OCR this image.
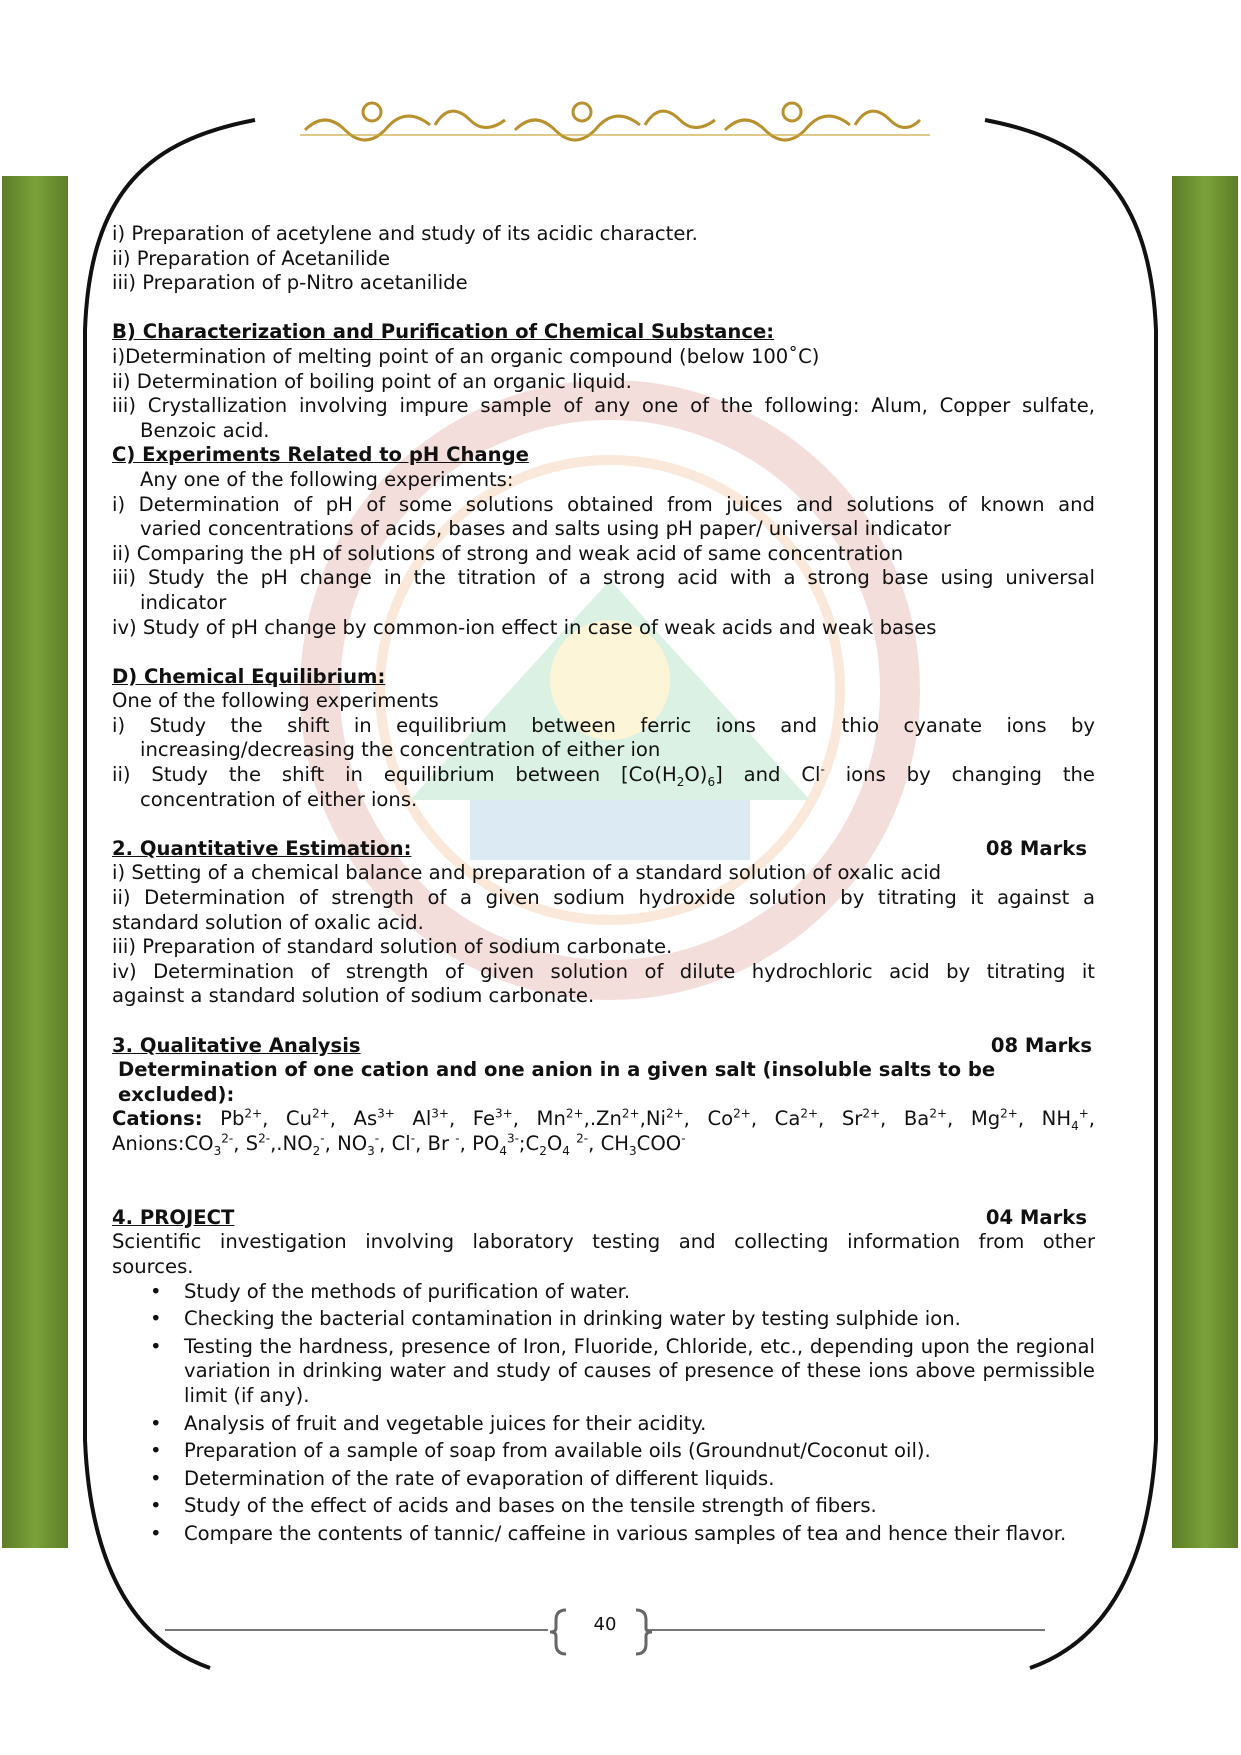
i) Preparation of acetylene and study of its acidic character.

ii) Preparation of Acetanilide

iii) Preparation of p-Nitro acetanilide

B) Characterization and Purification of Chemical Substance:

i)Determination of melting point of an organic compound (below 100˚C)

ii) Determination of boiling point of an organic liquid.

iii) Crystallization involving impure sample of any one of the following: Alum, Copper sulfate,

Benzoic acid.

C) Experiments Related to pH Change

Any one of the following experiments:

i) Determination of pH of some solutions obtained from juices and solutions of known and

varied concentrations of acids, bases and salts using pH paper/ universal indicator

ii) Comparing the pH of solutions of strong and weak acid of same concentration

iii) Study the pH change in the titration of a strong acid with a strong base using universal

indicator

iv) Study of pH change by common-ion effect in case of weak acids and weak bases

D) Chemical Equilibrium:

One of the following experiments

i) Study the shift in equilibrium between ferric ions and thio cyanate ions by

increasing/decreasing the concentration of either ion

ii) Study the shift in equilibrium between $[Co(H_2O)_6]$ and Cl- ions by changing the

concentration of either ions.

2. Quantitative Estimation:	08 Marks

i) Setting of a chemical balance and preparation of a standard solution of oxalic acid

ii) Determination of strength of a given sodium hydroxide solution by titrating it against a

standard solution of oxalic acid.

iii) Preparation of standard solution of sodium carbonate.

iv) Determination of strength of given solution of dilute hydrochloric acid by titrating it

against a standard solution of sodium carbonate.

3. Qualitative Analysis	08 Marks

Determination of one cation and one anion in a given salt (insoluble salts to be excluded):

Cations: $Pb^{2+}$, $Cu^{2+}$, $As^{3+}$ $Al^{3+}$, $Fe^{3+}$, $Mn^{2+},.Zn^{2+},Ni^{2+}$, $Co^{2+}$, $Ca^{2+}$, $Sr^{2+}$, $Ba^{2+}$, $Mg^{2+}$, $NH_4^+$,

$Anions:CO_3^{2-}$, $S^{2-},.NO_2^-$, $NO_3^-$, Cl-, Br -, $PO_4^{3-};C_2O_4$ $^{2-}$, $CH_3COO^-$

4. PROJECT	04 Marks

Scientific investigation involving laboratory testing and collecting information from other

sources.

• Study of the methods of purification of water.
• Checking the bacterial contamination in drinking water by testing sulphide ion.
• Testing the hardness, presence of Iron, Fluoride, Chloride, etc., depending upon the regional variation in drinking water and study of causes of presence of these ions above permissible limit (if any).
• Analysis of fruit and vegetable juices for their acidity.
• Preparation of a sample of soap from available oils (Groundnut/Coconut oil).
• Determination of the rate of evaporation of different liquids.
• Study of the effect of acids and bases on the tensile strength of fibers.
• Compare the contents of tannic/ caffeine in various samples of tea and hence their flavor.
40
